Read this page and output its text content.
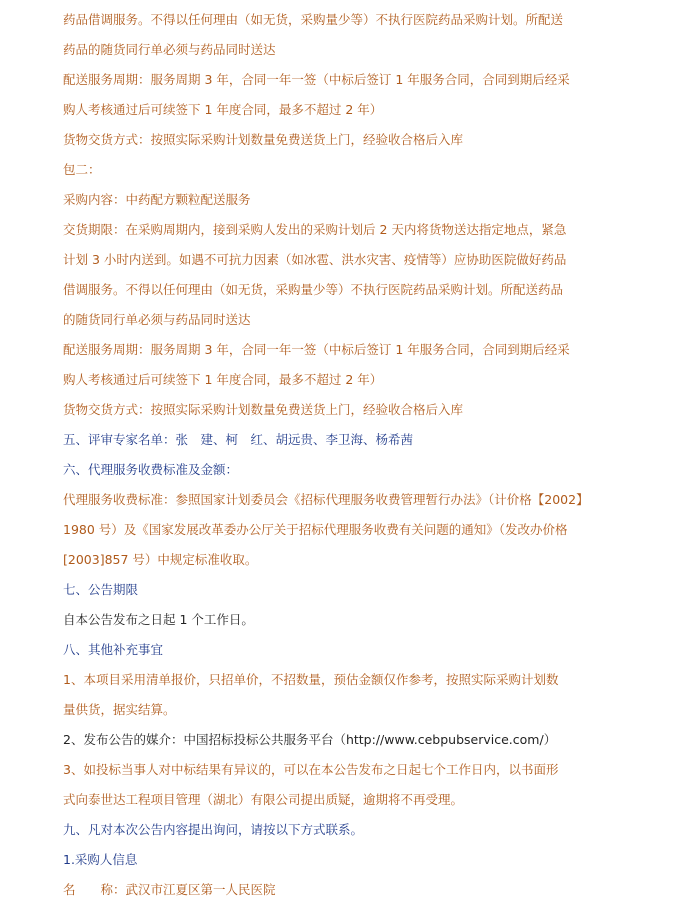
药品借调服务。不得以任何理由（如无货，采购量少等）不执行医院药品采购计划。所配送
药品的随货同行单必须与药品同时送达
配送服务周期：服务周期 3 年，合同一年一签（中标后签订 1 年服务合同，合同到期后经采
购人考核通过后可续签下 1 年度合同，最多不超过 2 年）
货物交货方式：按照实际采购计划数量免费送货上门，经验收合格后入库
包二：
采购内容：中药配方颗粒配送服务
交货期限：在采购周期内，接到采购人发出的采购计划后 2 天内将货物送达指定地点，紧急
计划 3 小时内送到。如遇不可抗力因素（如冰雹、洪水灾害、疫情等）应协助医院做好药品
借调服务。不得以任何理由（如无货，采购量少等）不执行医院药品采购计划。所配送药品
的随货同行单必须与药品同时送达
配送服务周期：服务周期 3 年，合同一年一签（中标后签订 1 年服务合同，合同到期后经采
购人考核通过后可续签下 1 年度合同，最多不超过 2 年）
货物交货方式：按照实际采购计划数量免费送货上门，经验收合格后入库
五、评审专家名单：张　建、柯　红、胡远贵、李卫海、杨希茜
六、代理服务收费标准及金额：
代理服务收费标准：参照国家计划委员会《招标代理服务收费管理暂行办法》（计价格【2002】
1980 号）及《国家发展改革委办公厅关于招标代理服务收费有关问题的通知》（发改办价格
[2003]857 号）中规定标准收取。
七、公告期限
自本公告发布之日起 1 个工作日。
八、其他补充事宜
1、本项目采用清单报价，只招单价，不招数量，预估金额仅作参考，按照实际采购计划数
量供货，据实结算。
2、发布公告的媒介：中国招标投标公共服务平台（http://www.cebpubservice.com/）
3、如投标当事人对中标结果有异议的，可以在本公告发布之日起七个工作日内，以书面形
式向泰世达工程项目管理（湖北）有限公司提出质疑，逾期将不再受理。
九、凡对本次公告内容提出询问，请按以下方式联系。
1.采购人信息
名　　称：武汉市江夏区第一人民医院
